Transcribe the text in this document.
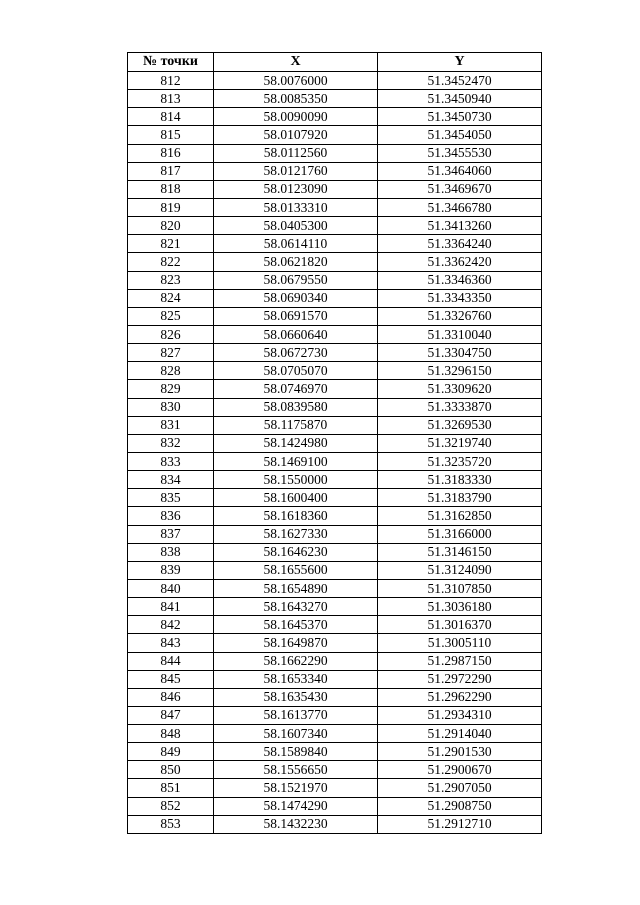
№ точки	X	Y
812	58.0076000	51.3452470
813	58.0085350	51.3450940
814	58.0090090	51.3450730
815	58.0107920	51.3454050
816	58.0112560	51.3455530
817	58.0121760	51.3464060
818	58.0123090	51.3469670
819	58.0133310	51.3466780
820	58.0405300	51.3413260
821	58.0614110	51.3364240
822	58.0621820	51.3362420
823	58.0679550	51.3346360
824	58.0690340	51.3343350
825	58.0691570	51.3326760
826	58.0660640	51.3310040
827	58.0672730	51.3304750
828	58.0705070	51.3296150
829	58.0746970	51.3309620
830	58.0839580	51.3333870
831	58.1175870	51.3269530
832	58.1424980	51.3219740
833	58.1469100	51.3235720
834	58.1550000	51.3183330
835	58.1600400	51.3183790
836	58.1618360	51.3162850
837	58.1627330	51.3166000
838	58.1646230	51.3146150
839	58.1655600	51.3124090
840	58.1654890	51.3107850
841	58.1643270	51.3036180
842	58.1645370	51.3016370
843	58.1649870	51.3005110
844	58.1662290	51.2987150
845	58.1653340	51.2972290
846	58.1635430	51.2962290
847	58.1613770	51.2934310
848	58.1607340	51.2914040
849	58.1589840	51.2901530
850	58.1556650	51.2900670
851	58.1521970	51.2907050
852	58.1474290	51.2908750
853	58.1432230	51.2912710
